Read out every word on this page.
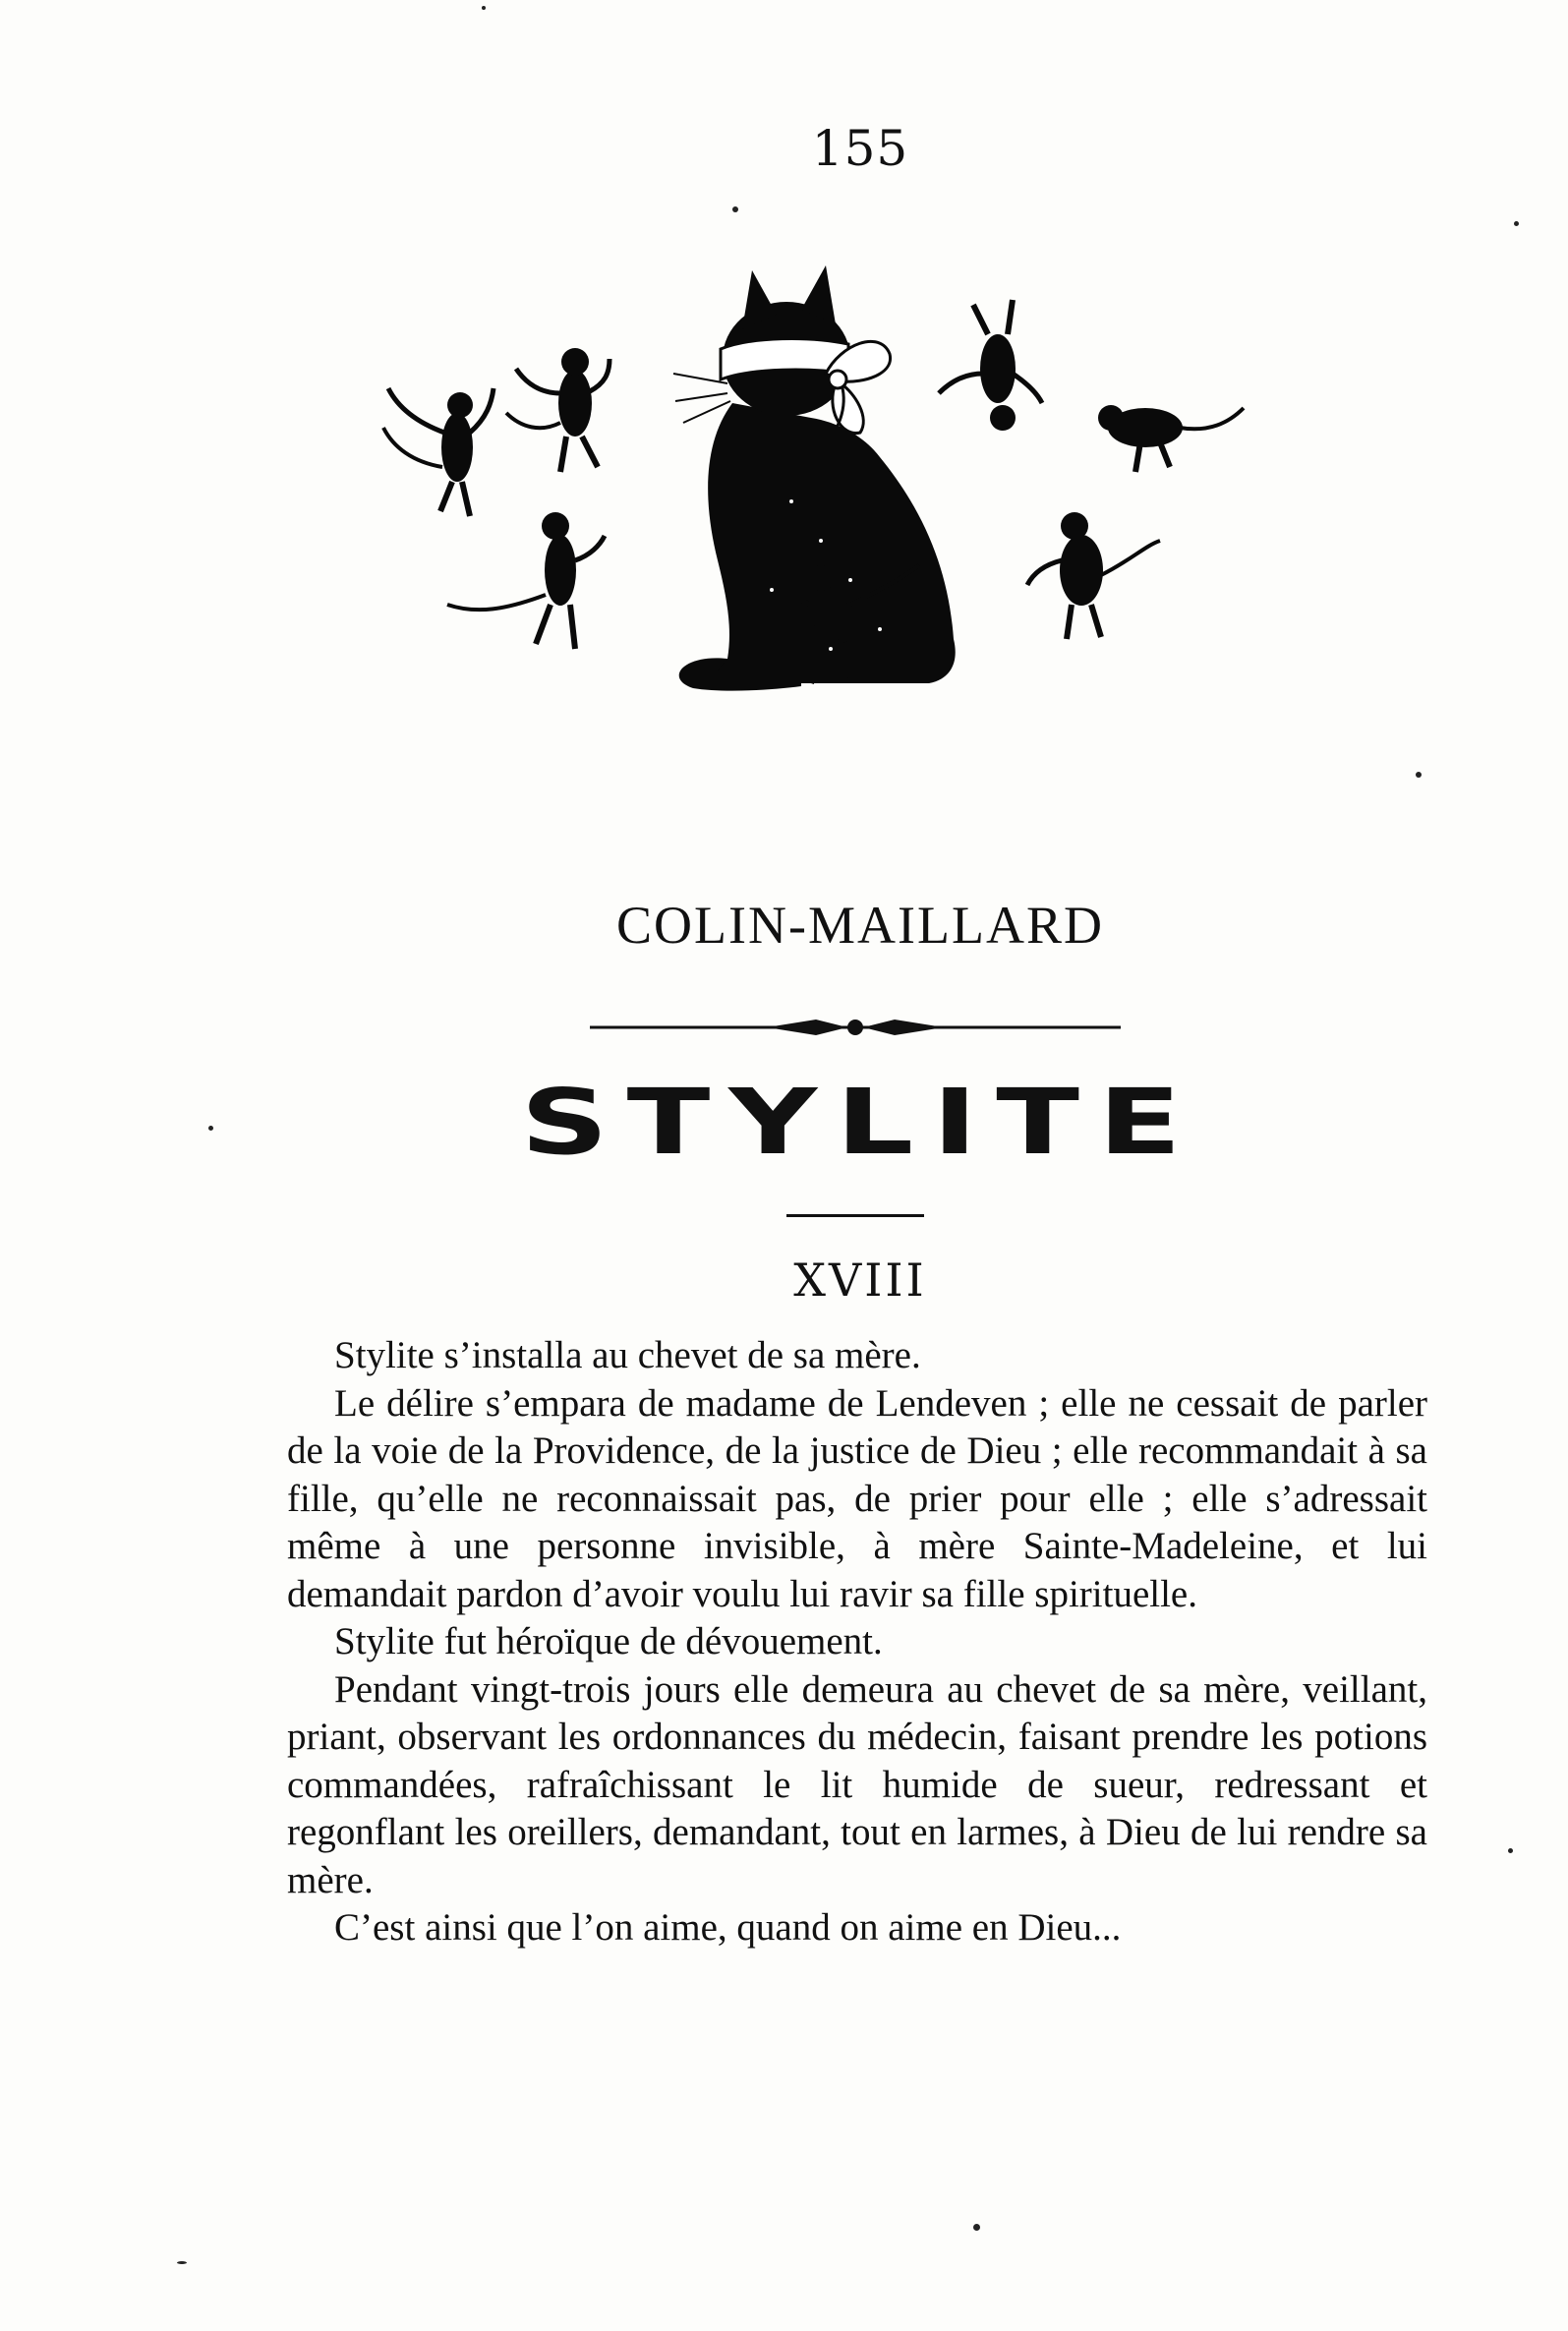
155
COLIN-MAILLARD
STYLITE
XVIII

Stylite s’installa au chevet de sa mère.

Le délire s’empara de madame de Lendeven ; elle ne cessait de parler de la voie de la Providence, de la justice de Dieu ; elle recommandait à sa fille, qu’elle ne reconnaissait pas, de prier pour elle ; elle s’adressait même à une personne invisible, à mère Sainte-Madeleine, et lui demandait pardon d’avoir voulu lui ravir sa fille spirituelle.

Stylite fut héroïque de dévouement.

Pendant vingt-trois jours elle demeura au chevet de sa mère, veillant, priant, observant les ordonnances du médecin, faisant prendre les potions commandées, rafraîchissant le lit humide de sueur, redressant et regonflant les oreillers, demandant, tout en larmes, à Dieu de lui rendre sa mère.

C’est ainsi que l’on aime, quand on aime en Dieu...
